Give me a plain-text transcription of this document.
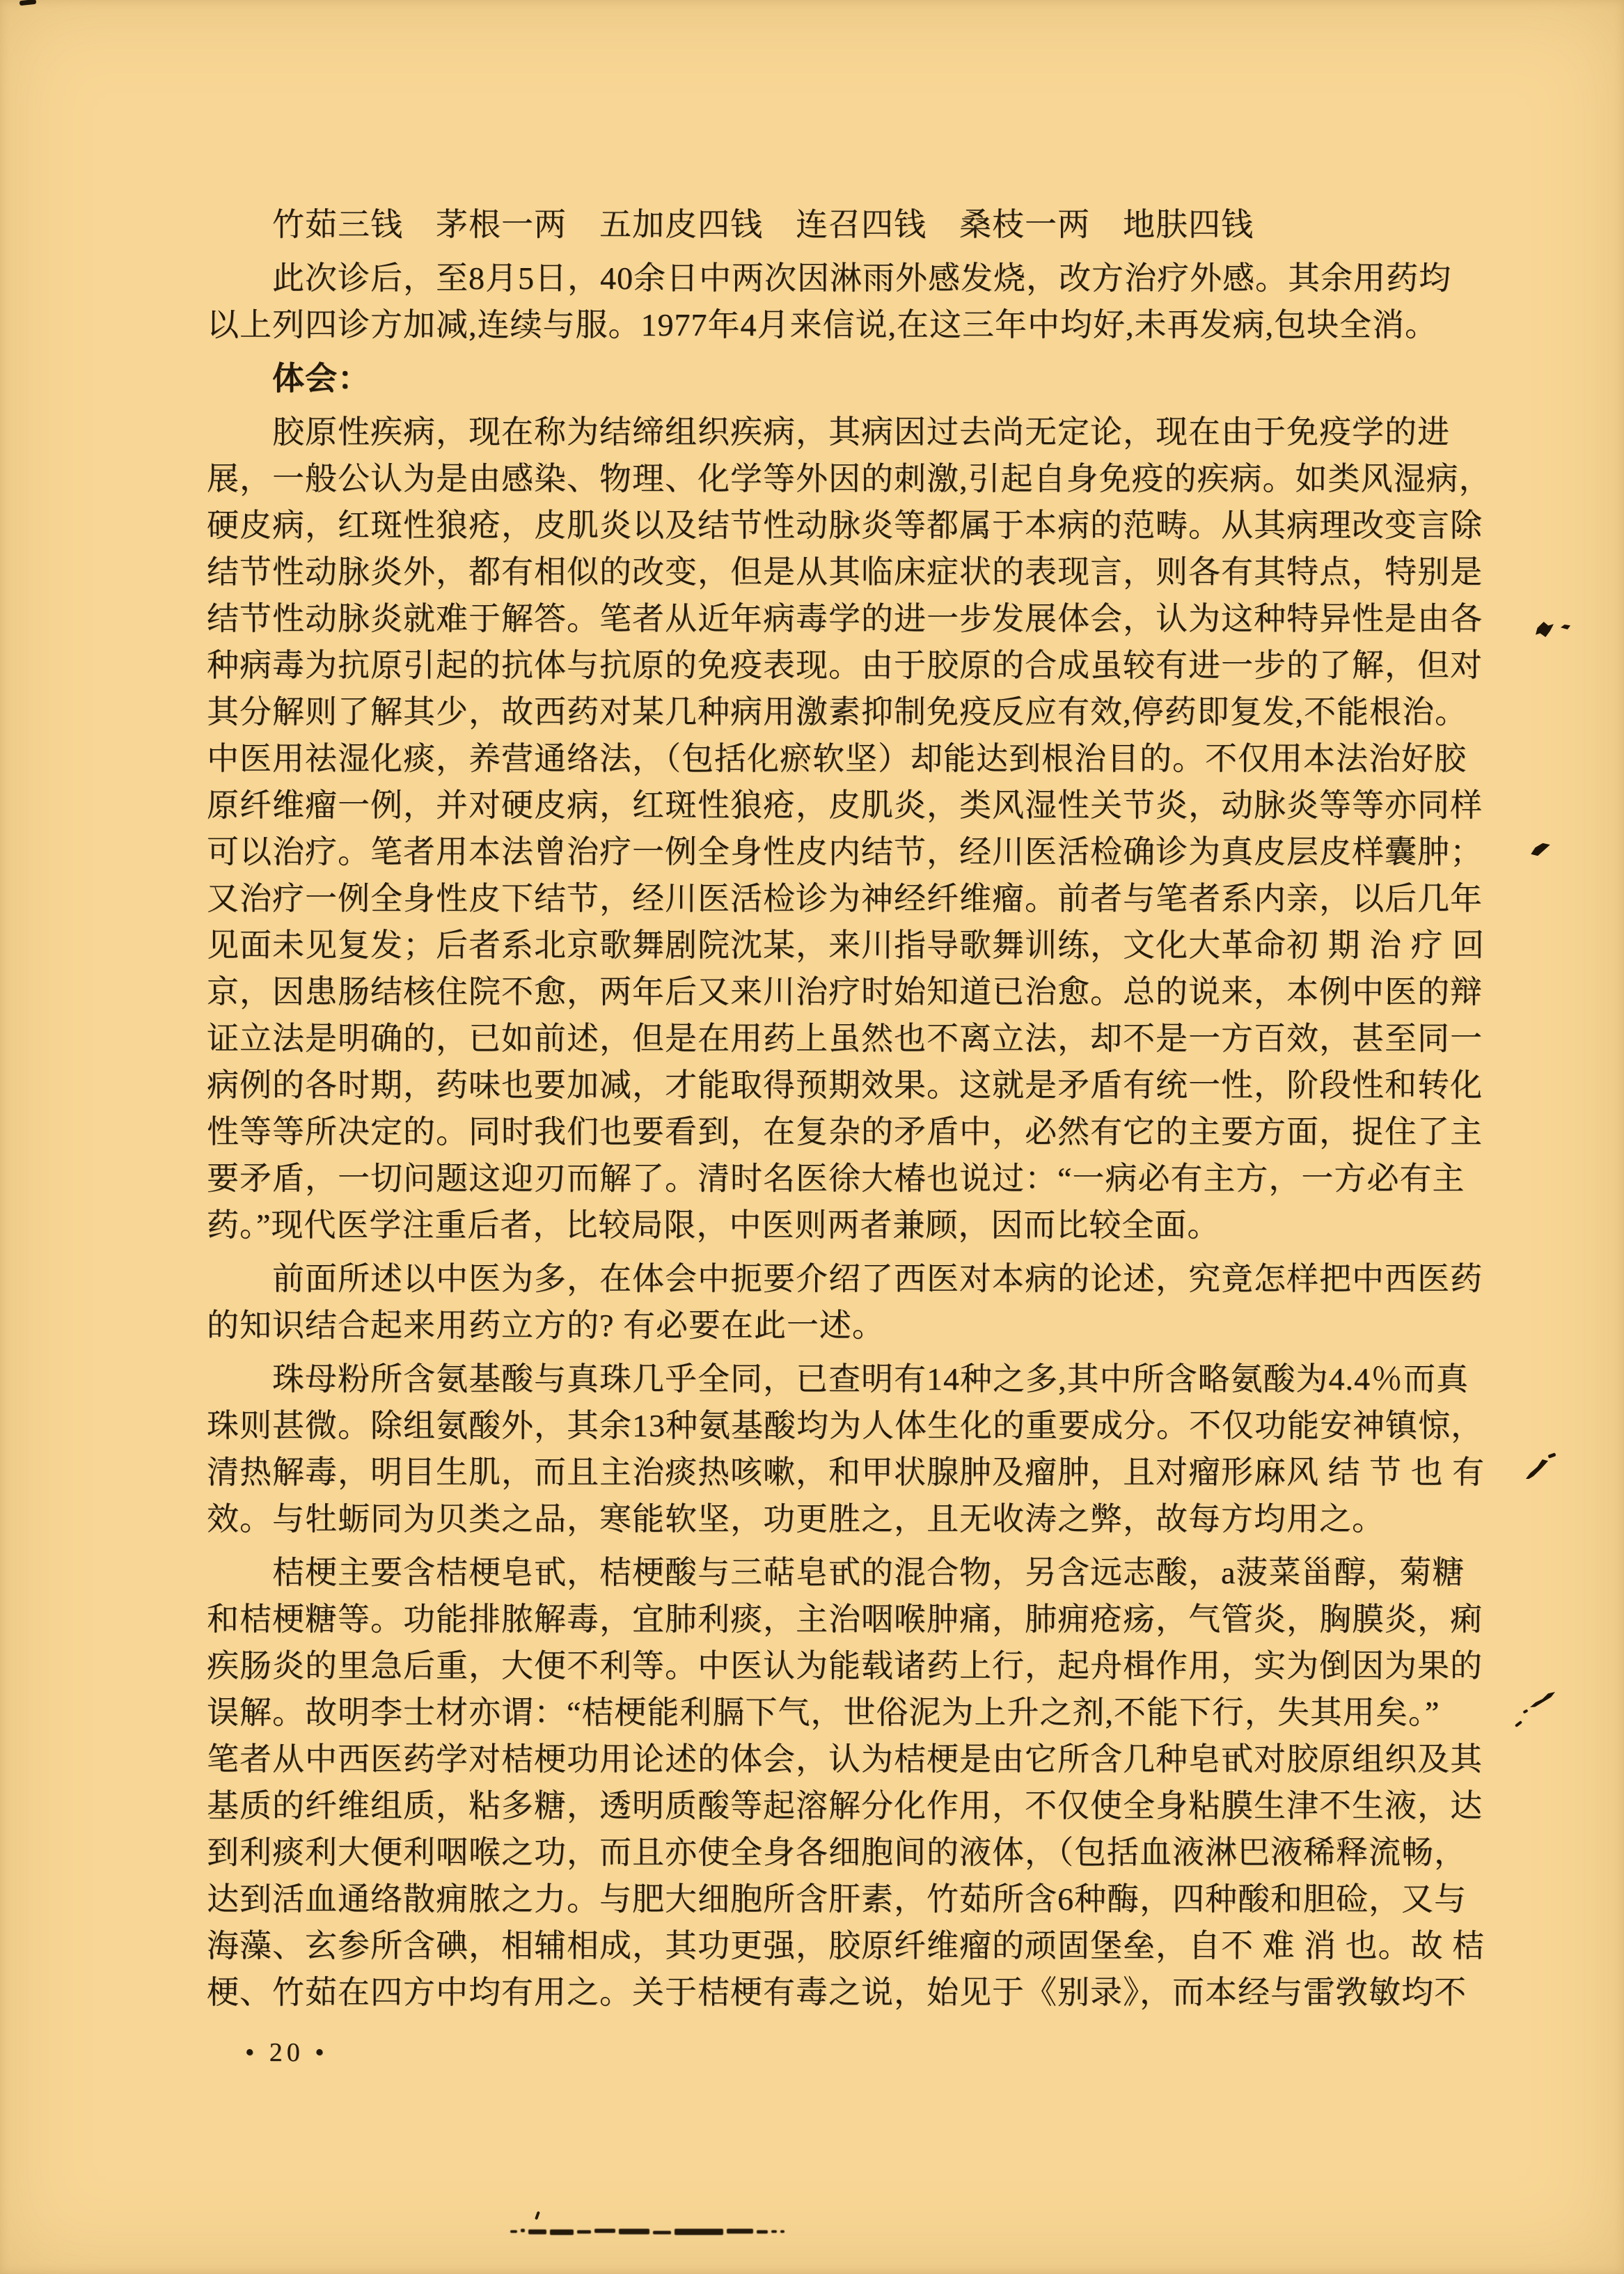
　　竹茹三钱　茅根一两　五加皮四钱　连召四钱　桑枝一两　地肤四钱
　　此次诊后，至8月5日，40余日中两次因淋雨外感发烧，改方治疗外感。其余用药均
以上列四诊方加减,连续与服。1977年4月来信说,在这三年中均好,未再发病,包块全消。
　　体会：
　　胶原性疾病，现在称为结缔组织疾病，其病因过去尚无定论，现在由于免疫学的进
展，一般公认为是由感染、物理、化学等外因的刺激,引起自身免疫的疾病。如类风湿病，
硬皮病，红斑性狼疮，皮肌炎以及结节性动脉炎等都属于本病的范畴。从其病理改变言除
结节性动脉炎外，都有相似的改变，但是从其临床症状的表现言，则各有其特点，特别是
结节性动脉炎就难于解答。笔者从近年病毒学的进一步发展体会，认为这种特异性是由各
种病毒为抗原引起的抗体与抗原的免疫表现。由于胶原的合成虽较有进一步的了解，但对
其分解则了解其少，故西药对某几种病用激素抑制免疫反应有效,停药即复发,不能根治。
中医用祛湿化痰，养营通络法，（包括化瘀软坚）却能达到根治目的。不仅用本法治好胶
原纤维瘤一例，并对硬皮病，红斑性狼疮，皮肌炎，类风湿性关节炎，动脉炎等等亦同样
可以治疗。笔者用本法曾治疗一例全身性皮内结节，经川医活检确诊为真皮层皮样囊肿；
又治疗一例全身性皮下结节，经川医活检诊为神经纤维瘤。前者与笔者系内亲，以后几年
见面未见复发；后者系北京歌舞剧院沈某，来川指导歌舞训练，文化大革命初 期 治 疗 回
京，因患肠结核住院不愈，两年后又来川治疗时始知道已治愈。总的说来，本例中医的辩
证立法是明确的，已如前述，但是在用药上虽然也不离立法，却不是一方百效，甚至同一
病例的各时期，药味也要加减，才能取得预期效果。这就是矛盾有统一性，阶段性和转化
性等等所决定的。同时我们也要看到，在复杂的矛盾中，必然有它的主要方面，捉住了主
要矛盾，一切问题这迎刃而解了。清时名医徐大椿也说过：“一病必有主方，一方必有主
药。”现代医学注重后者，比较局限，中医则两者兼顾，因而比较全面。
　　前面所述以中医为多，在体会中扼要介绍了西医对本病的论述，究竟怎样把中西医药
的知识结合起来用药立方的? 有必要在此一述。
　　珠母粉所含氨基酸与真珠几乎全同，已查明有14种之多,其中所含略氨酸为4.4％而真
珠则甚微。除组氨酸外，其余13种氨基酸均为人体生化的重要成分。不仅功能安神镇惊，
清热解毒，明目生肌，而且主治痰热咳嗽，和甲状腺肿及瘤肿，且对瘤形麻风 结 节 也 有
效。与牡蛎同为贝类之品，寒能软坚，功更胜之，且无收涛之弊，故每方均用之。
　　桔梗主要含桔梗皂甙，桔梗酸与三萜皂甙的混合物，另含远志酸，a菠菜甾醇，菊糖
和桔梗糖等。功能排脓解毒，宜肺利痰，主治咽喉肿痛，肺痈疮疡，气管炎，胸膜炎，痢
疾肠炎的里急后重，大便不利等。中医认为能载诸药上行，起舟楫作用，实为倒因为果的
误解。故明李士材亦谓：“桔梗能利膈下气，世俗泥为上升之剂,不能下行，失其用矣。”
笔者从中西医药学对桔梗功用论述的体会，认为桔梗是由它所含几种皂甙对胶原组织及其
基质的纤维组质，粘多糖，透明质酸等起溶解分化作用，不仅使全身粘膜生津不生液，达
到利痰利大便利咽喉之功，而且亦使全身各细胞间的液体，（包括血液淋巴液稀释流畅，
达到活血通络散痈脓之力。与肥大细胞所含肝素，竹茹所含6种酶，四种酸和胆硷，又与
海藻、玄参所含碘，相辅相成，其功更强，胶原纤维瘤的顽固堡垒，自不 难 消 也。故 桔
梗、竹茹在四方中均有用之。关于桔梗有毒之说，始见于《别录》，而本经与雷敩敏均不
• 20 •
